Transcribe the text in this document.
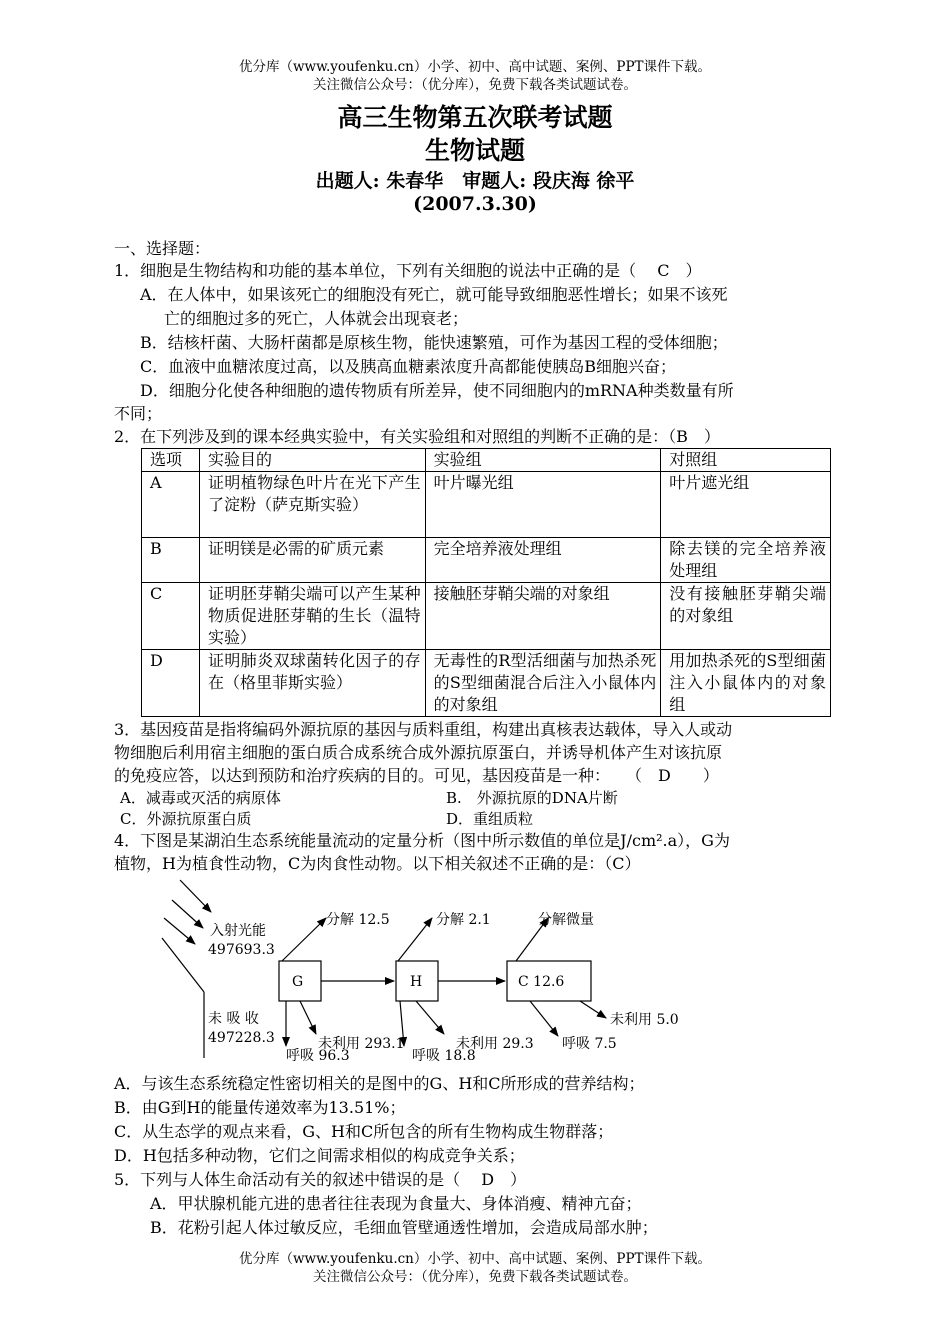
优分库（www.youfenku.cn）小学、初中、高中试题、案例、PPT课件下载。
关注微信公众号：（优分库），免费下载各类试题试卷。
高三生物第五次联考试题
生物试题
出题人: 朱春华　审题人: 段庆海 徐平
(2007.3.30)
一、选择题：
1．细胞是生物结构和功能的基本单位，下列有关细胞的说法中正确的是（　 C　）
A．在人体中，如果该死亡的细胞没有死亡，就可能导致细胞恶性增长；如果不该死
亡的细胞过多的死亡，人体就会出现衰老；
B．结核杆菌、大肠杆菌都是原核生物，能快速繁殖，可作为基因工程的受体细胞；
C．血液中血糖浓度过高，以及胰高血糖素浓度升高都能使胰岛B细胞兴奋；
D．细胞分化使各种细胞的遗传物质有所差异，使不同细胞内的mRNA种类数量有所
不同；
2．在下列涉及到的课本经典实验中，有关实验组和对照组的判断不正确的是：（B　）
选项	实验目的	实验组	对照组
A	证明植物绿色叶片在光下产生了淀粉（萨克斯实验）	叶片曝光组	叶片遮光组
B	证明镁是必需的矿质元素	完全培养液处理组	除去镁的完全培养液处理组
C	证明胚芽鞘尖端可以产生某种物质促进胚芽鞘的生长（温特实验）	接触胚芽鞘尖端的对象组	没有接触胚芽鞘尖端的对象组
D	证明肺炎双球菌转化因子的存在（格里菲斯实验）	无毒性的R型活细菌与加热杀死的S型细菌混合后注入小鼠体内的对象组	用加热杀死的S型细菌注入小鼠体内的对象组
3．基因疫苗是指将编码外源抗原的基因与质料重组，构建出真核表达载体，导入人或动
物细胞后利用宿主细胞的蛋白质合成系统合成外源抗原蛋白，并诱导机体产生对该抗原
的免疫应答，以达到预防和治疗疾病的目的。可见，基因疫苗是一种：　　（　D　　）
A．减毒或灭活的病原体	B.　外源抗原的DNA片断
C．外源抗原蛋白质	D．重组质粒
4．下图是某湖泊生态系统能量流动的定量分析（图中所示数值的单位是J/cm².a），G为
植物，H为植食性动物，C为肉食性动物。以下相关叙述不正确的是：（C）
入射光能
497693.3
未 吸 收
497228.3
G	H	C 12.6
分解 12.5	分解 2.1	分解微量
未利用 293.1	未利用 29.3
未利用 5.0
呼吸 96.3	呼吸 18.8
呼吸 7.5
A．与该生态系统稳定性密切相关的是图中的G、H和C所形成的营养结构；
B．由G到H的能量传递效率为13.51%；
C．从生态学的观点来看，G、H和C所包含的所有生物构成生物群落；
D．H包括多种动物，它们之间需求相似的构成竞争关系；
5．下列与人体生命活动有关的叙述中错误的是（　 D　）
A．甲状腺机能亢进的患者往往表现为食量大、身体消瘦、精神亢奋；
B．花粉引起人体过敏反应，毛细血管壁通透性增加，会造成局部水肿；
优分库（www.youfenku.cn）小学、初中、高中试题、案例、PPT课件下载。
关注微信公众号：（优分库），免费下载各类试题试卷。
